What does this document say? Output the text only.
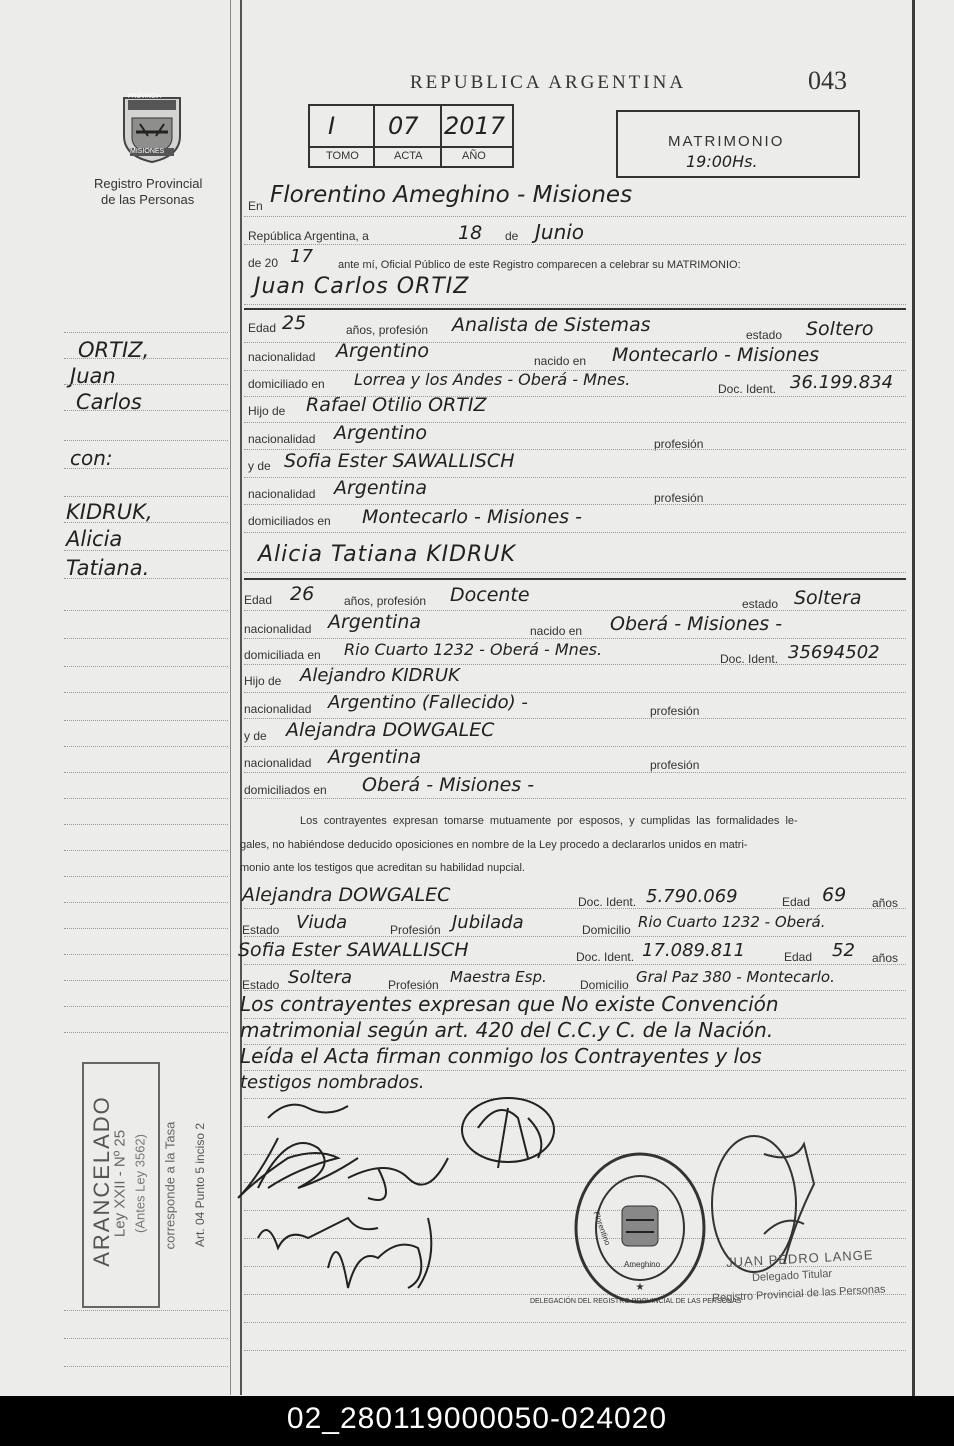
PROVINCIA
MISIONES
Registro Provincial
de las Personas
REPUBLICA ARGENTINA	043
I 07 2017
TOMO	ACTA	AÑO
MATRIMONIO
19:00Hs.
En Florentino Ameghino - Misiones
República Argentina, a	18 de Junio
de 20 17 ante mí, Oficial Público de este Registro comparecen a celebrar su MATRIMONIO:
ORTIZ,
Juan
Carlos
con:
KIDRUK,
Alicia
Tatiana.
Juan Carlos ORTIZ
Edad 25	años, profesión Analista de Sistemas	estado Soltero
nacionalidad Argentino	nacido en Montecarlo - Misiones
domiciliado en Lorrea y los Andes - Oberá - Mnes.	Doc. Ident. 36.199.834
Hijo de Rafael Otilio ORTIZ
nacionalidad Argentino	profesión
y de Sofia Ester SAWALLISCH
nacionalidad Argentina	profesión
domiciliados en Montecarlo - Misiones -
Alicia Tatiana KIDRUK
Edad 26 años, profesión Docente	estado Soltera
nacionalidad Argentina	nacido en Oberá - Misiones -
domiciliada en Rio Cuarto 1232 - Oberá - Mnes.	Doc. Ident. 35694502
Hijo de Alejandro KIDRUK
nacionalidad Argentino (Fallecido) -	profesión
y de Alejandra DOWGALEC
nacionalidad Argentina	profesión
domiciliados en Oberá - Misiones -
Los contrayentes expresan tomarse mutuamente por esposos, y cumplidas las formalidades le-
gales, no habiéndose deducido oposiciones en nombre de la Ley procedo a declararlos unidos en matri-
monio ante los testigos que acreditan su habilidad nupcial.
Alejandra DOWGALEC	Doc. Ident. 5.790.069	Edad 69 años
Estado Viuda	Profesión Jubilada	Domicilio Rio Cuarto 1232 - Oberá.
Sofia Ester SAWALLISCH	Doc. Ident. 17.089.811	Edad 52 años
Estado Soltera	Profesión Maestra Esp.	Domicilio Gral Paz 380 - Montecarlo.
Los contrayentes expresan que No existe Convención
matrimonial según art. 420 del C.C.y C. de la Nación.
Leída el Acta firman conmigo los Contrayentes y los
testigos nombrados.
ARANCELADO
Ley XXII - Nº 25 (Antes Ley 3562) corresponde a la Tasa Art. 04 Punto 5 inciso 2
★
Florentino
Ameghino
DELEGACIÓN DEL REGISTRO PROVINCIAL DE LAS PERSONAS
JUAN PEDRO LANGE
Delegado Titular
Registro Provincial de las Personas
02_280119000050-024020
